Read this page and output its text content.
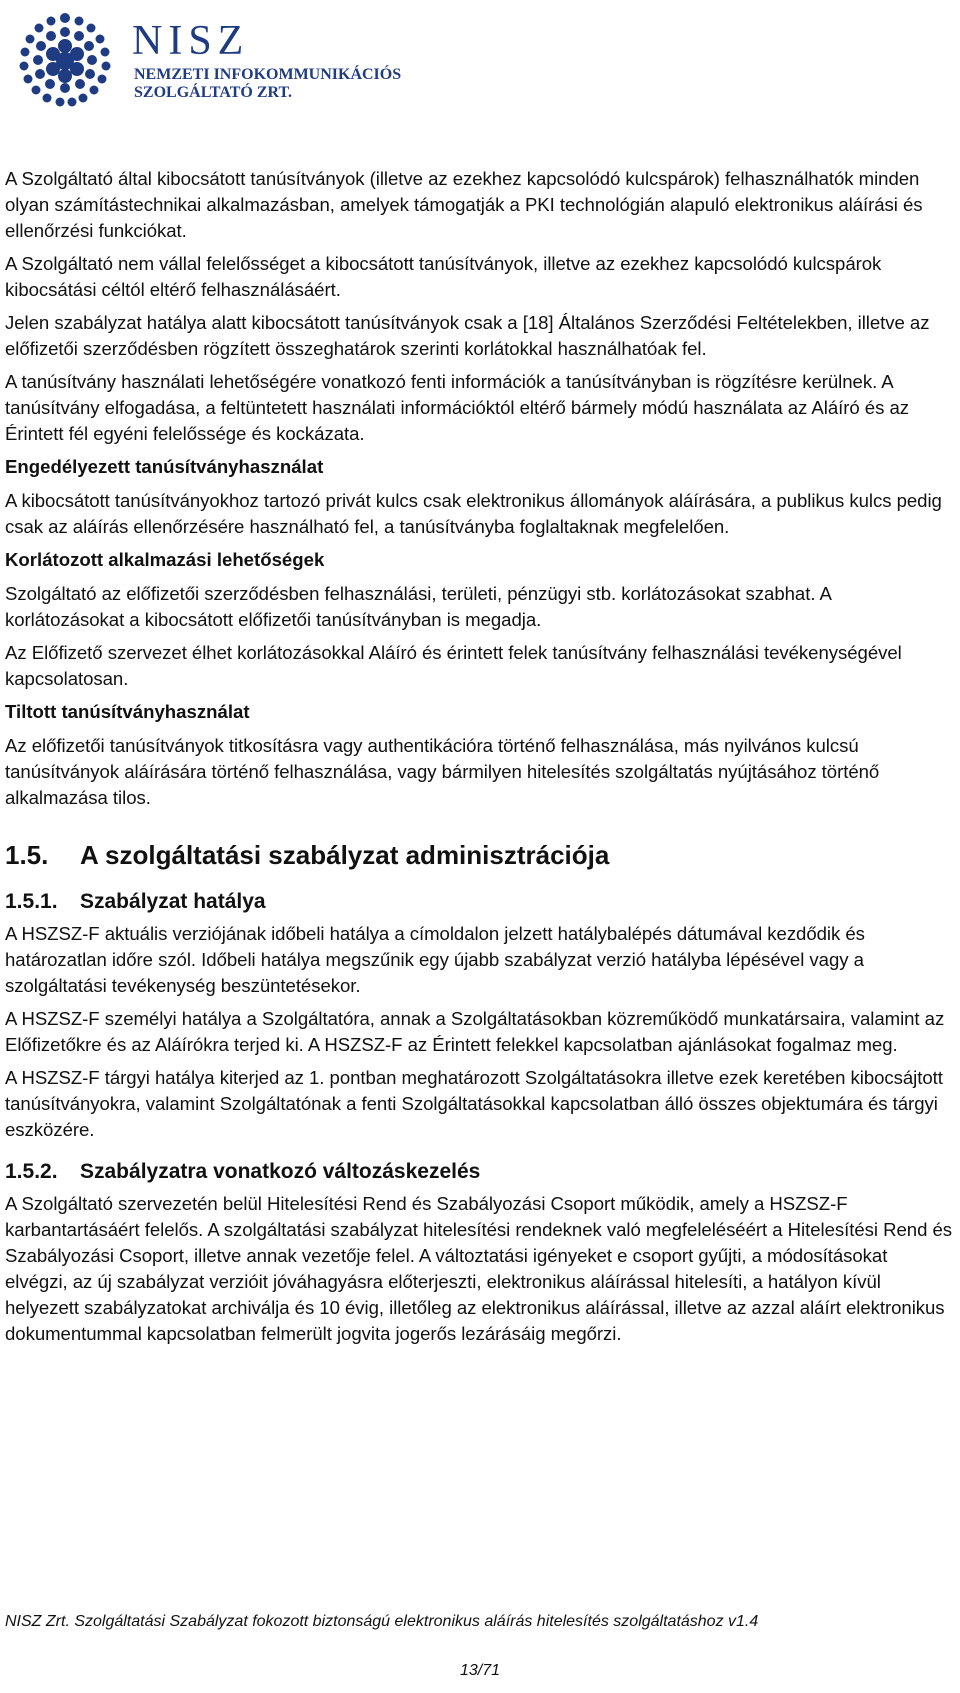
NISZ
NEMZETI INFOKOMMUNIKÁCIÓS
SZOLGÁLTATÓ ZRT.

A Szolgáltató által kibocsátott tanúsítványok (illetve az ezekhez kapcsolódó kulcspárok) felhasználhatók minden olyan számítástechnikai alkalmazásban, amelyek támogatják a PKI technológián alapuló elektronikus aláírási és ellenőrzési funkciókat.

A Szolgáltató nem vállal felelősséget a kibocsátott tanúsítványok, illetve az ezekhez kapcsolódó kulcspárok kibocsátási céltól eltérő felhasználásáért.

Jelen szabályzat hatálya alatt kibocsátott tanúsítványok csak a [18] Általános Szerződési Feltételekben, illetve az előfizetői szerződésben rögzített összeghatárok szerinti korlátokkal használhatóak fel.

A tanúsítvány használati lehetőségére vonatkozó fenti információk a tanúsítványban is rögzítésre kerülnek. A tanúsítvány elfogadása, a feltüntetett használati információktól eltérő bármely módú használata az Aláíró és az Érintett fél egyéni felelőssége és kockázata.

Engedélyezett tanúsítványhasználat

A kibocsátott tanúsítványokhoz tartozó privát kulcs csak elektronikus állományok aláírására, a publikus kulcs pedig csak az aláírás ellenőrzésére használható fel, a tanúsítványba foglaltaknak megfelelően.

Korlátozott alkalmazási lehetőségek

Szolgáltató az előfizetői szerződésben felhasználási, területi, pénzügyi stb. korlátozásokat szabhat. A korlátozásokat a kibocsátott előfizetői tanúsítványban is megadja.

Az Előfizető szervezet élhet korlátozásokkal Aláíró és érintett felek tanúsítvány felhasználási tevékenységével kapcsolatosan.

Tiltott tanúsítványhasználat

Az előfizetői tanúsítványok titkosításra vagy authentikációra történő felhasználása, más nyilvános kulcsú tanúsítványok aláírására történő felhasználása, vagy bármilyen hitelesítés szolgáltatás nyújtásához történő alkalmazása tilos.

1.5.	A szolgáltatási szabályzat adminisztrációja
1.5.1.	Szabályzat hatálya

A HSZSZ-F aktuális verziójának időbeli hatálya a címoldalon jelzett hatálybalépés dátumával kezdődik és határozatlan időre szól. Időbeli hatálya megszűnik egy újabb szabályzat verzió hatályba lépésével vagy a szolgáltatási tevékenység beszüntetésekor.

A HSZSZ-F személyi hatálya a Szolgáltatóra, annak a Szolgáltatásokban közreműködő munkatársaira, valamint az Előfizetőkre és az Aláírókra terjed ki. A HSZSZ-F az Érintett felekkel kapcsolatban ajánlásokat fogalmaz meg.

A HSZSZ-F tárgyi hatálya kiterjed az 1. pontban meghatározott Szolgáltatásokra illetve ezek keretében kibocsájtott tanúsítványokra, valamint Szolgáltatónak a fenti Szolgáltatásokkal kapcsolatban álló összes objektumára és tárgyi eszközére.

1.5.2.	Szabályzatra vonatkozó változáskezelés

A Szolgáltató szervezetén belül Hitelesítési Rend és Szabályozási Csoport működik, amely a HSZSZ-F karbantartásáért felelős. A szolgáltatási szabályzat hitelesítési rendeknek való megfeleléséért a Hitelesítési Rend és Szabályozási Csoport, illetve annak vezetője felel. A változtatási igényeket e csoport gyűjti, a módosításokat elvégzi, az új szabályzat verzióit jóváhagyásra előterjeszti, elektronikus aláírással hitelesíti, a hatályon kívül helyezett szabályzatokat archiválja és 10 évig, illetőleg az elektronikus aláírással, illetve az azzal aláírt elektronikus dokumentummal kapcsolatban felmerült jogvita jogerős lezárásáig megőrzi.

NISZ Zrt. Szolgáltatási Szabályzat fokozott biztonságú elektronikus aláírás hitelesítés szolgáltatáshoz v1.4
13/71
